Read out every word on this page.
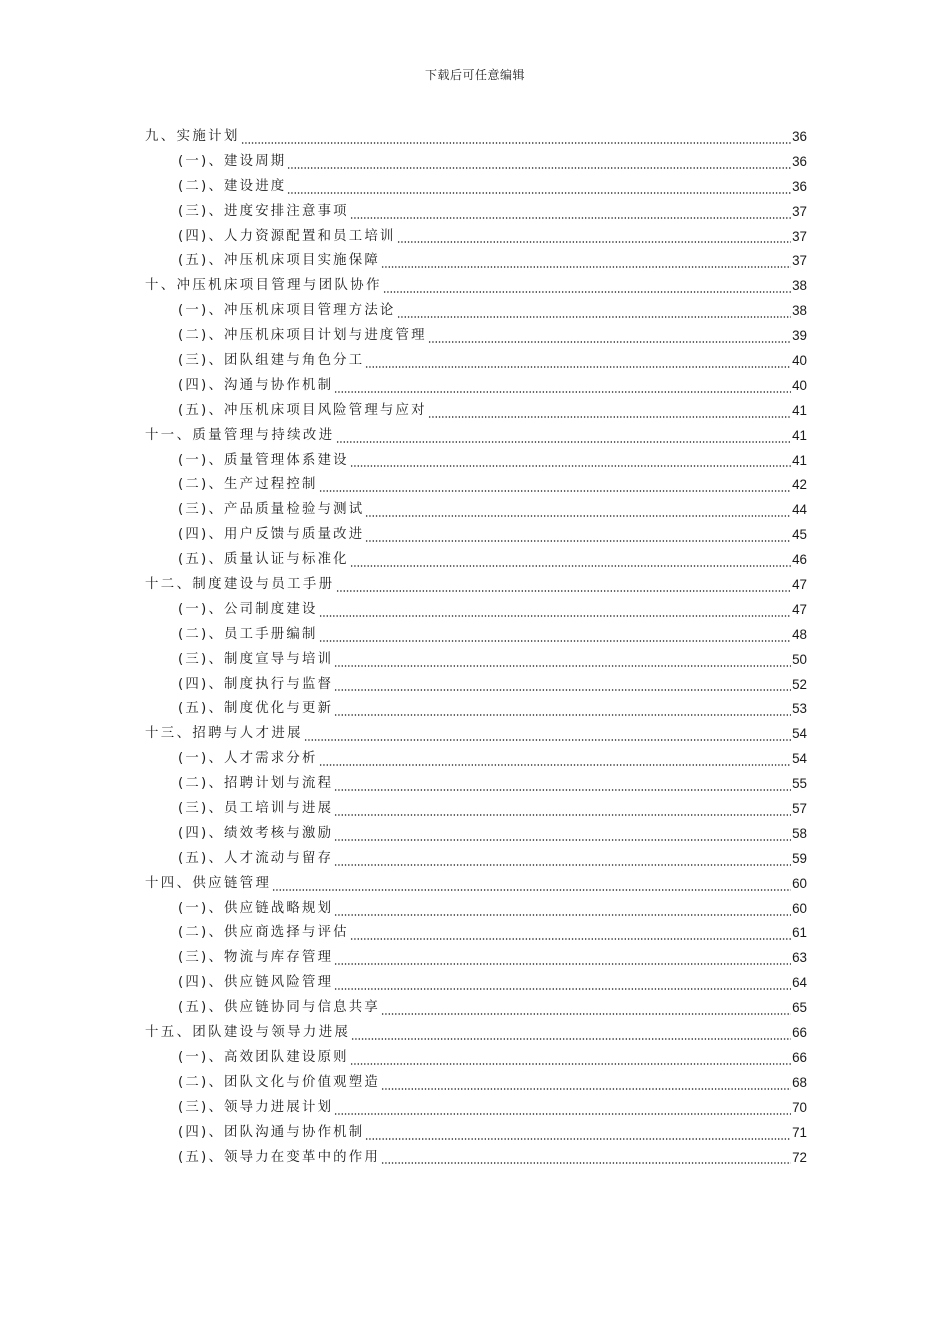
下载后可任意编辑
九、实施计划	36
(一)、建设周期	36
(二)、建设进度	36
(三)、进度安排注意事项	37
(四)、人力资源配置和员工培训	37
(五)、冲压机床项目实施保障	37
十、冲压机床项目管理与团队协作	38
(一)、冲压机床项目管理方法论	38
(二)、冲压机床项目计划与进度管理	39
(三)、团队组建与角色分工	40
(四)、沟通与协作机制	40
(五)、冲压机床项目风险管理与应对	41
十一、质量管理与持续改进	41
(一)、质量管理体系建设	41
(二)、生产过程控制	42
(三)、产品质量检验与测试	44
(四)、用户反馈与质量改进	45
(五)、质量认证与标准化	46
十二、制度建设与员工手册	47
(一)、公司制度建设	47
(二)、员工手册编制	48
(三)、制度宣导与培训	50
(四)、制度执行与监督	52
(五)、制度优化与更新	53
十三、招聘与人才进展	54
(一)、人才需求分析	54
(二)、招聘计划与流程	55
(三)、员工培训与进展	57
(四)、绩效考核与激励	58
(五)、人才流动与留存	59
十四、供应链管理	60
(一)、供应链战略规划	60
(二)、供应商选择与评估	61
(三)、物流与库存管理	63
(四)、供应链风险管理	64
(五)、供应链协同与信息共享	65
十五、团队建设与领导力进展	66
(一)、高效团队建设原则	66
(二)、团队文化与价值观塑造	68
(三)、领导力进展计划	70
(四)、团队沟通与协作机制	71
(五)、领导力在变革中的作用	72
